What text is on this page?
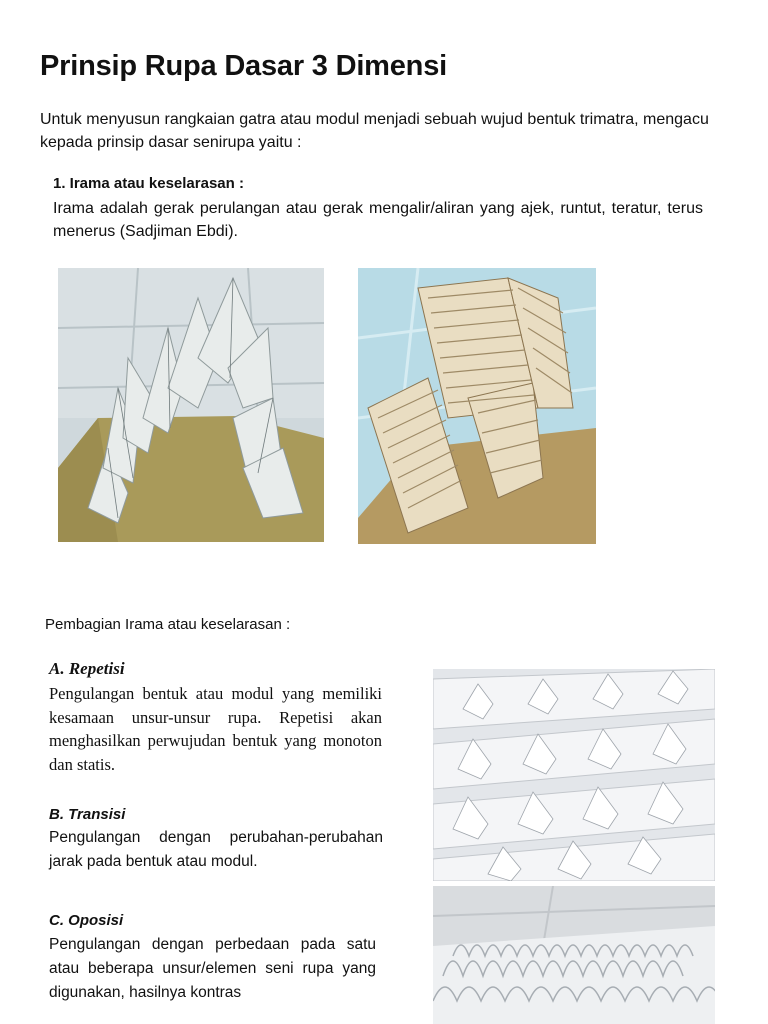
Prinsip Rupa Dasar 3 Dimensi
Untuk menyusun rangkaian gatra atau modul menjadi sebuah wujud bentuk trimatra, mengacu kepada prinsip dasar senirupa yaitu :
1. Irama atau keselarasan :
Irama adalah gerak perulangan atau gerak mengalir/aliran yang ajek, runtut, teratur, terus menerus (Sadjiman Ebdi).
Pembagian Irama atau keselarasan :
A. Repetisi
Pengulangan bentuk atau modul yang memiliki kesamaan unsur-unsur rupa. Repetisi akan menghasilkan perwujudan bentuk yang monoton dan statis.
B. Transisi
Pengulangan dengan perubahan-perubahan jarak pada bentuk atau modul.
C. Oposisi
Pengulangan dengan perbedaan pada satu atau beberapa unsur/elemen seni rupa yang digunakan, hasilnya kontras
